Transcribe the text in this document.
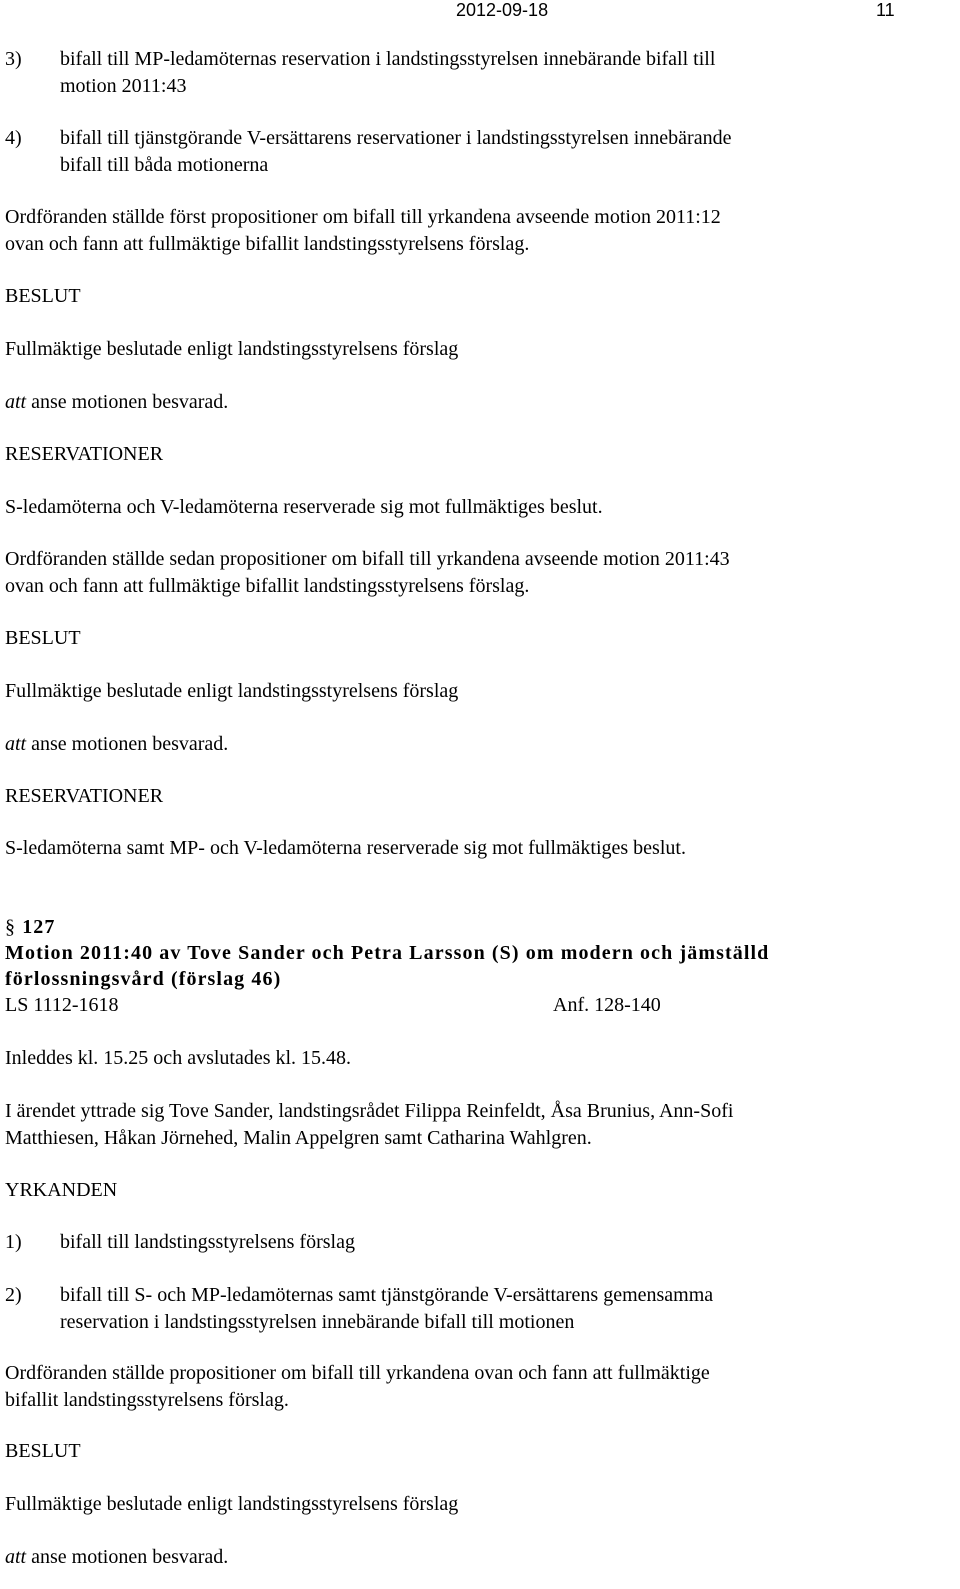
2012-09-18	11
3) bifall till MP-ledamöternas reservation i landstingsstyrelsen innebärande bifall till
motion 2011:43
4) bifall till tjänstgörande V-ersättarens reservationer i landstingsstyrelsen innebärande
bifall till båda motionerna
Ordföranden ställde först propositioner om bifall till yrkandena avseende motion 2011:12
ovan och fann att fullmäktige bifallit landstingsstyrelsens förslag.
BESLUT
Fullmäktige beslutade enligt landstingsstyrelsens förslag
att anse motionen besvarad.
RESERVATIONER
S-ledamöterna och V-ledamöterna reserverade sig mot fullmäktiges beslut.
Ordföranden ställde sedan propositioner om bifall till yrkandena avseende motion 2011:43
ovan och fann att fullmäktige bifallit landstingsstyrelsens förslag.
BESLUT
Fullmäktige beslutade enligt landstingsstyrelsens förslag
att anse motionen besvarad.
RESERVATIONER
S-ledamöterna samt MP- och V-ledamöterna reserverade sig mot fullmäktiges beslut.
§ 127
Motion 2011:40 av Tove Sander och Petra Larsson (S) om modern och jämställd
förlossningsvård (förslag 46)
LS 1112-1618	Anf. 128-140
Inleddes kl. 15.25 och avslutades kl. 15.48.
I ärendet yttrade sig Tove Sander, landstingsrådet Filippa Reinfeldt, Åsa Brunius, Ann-Sofi
Matthiesen, Håkan Jörnehed, Malin Appelgren samt Catharina Wahlgren.
YRKANDEN
1) bifall till landstingsstyrelsens förslag
2) bifall till S- och MP-ledamöternas samt tjänstgörande V-ersättarens gemensamma
reservation i landstingsstyrelsen innebärande bifall till motionen
Ordföranden ställde propositioner om bifall till yrkandena ovan och fann att fullmäktige
bifallit landstingsstyrelsens förslag.
BESLUT
Fullmäktige beslutade enligt landstingsstyrelsens förslag
att anse motionen besvarad.
